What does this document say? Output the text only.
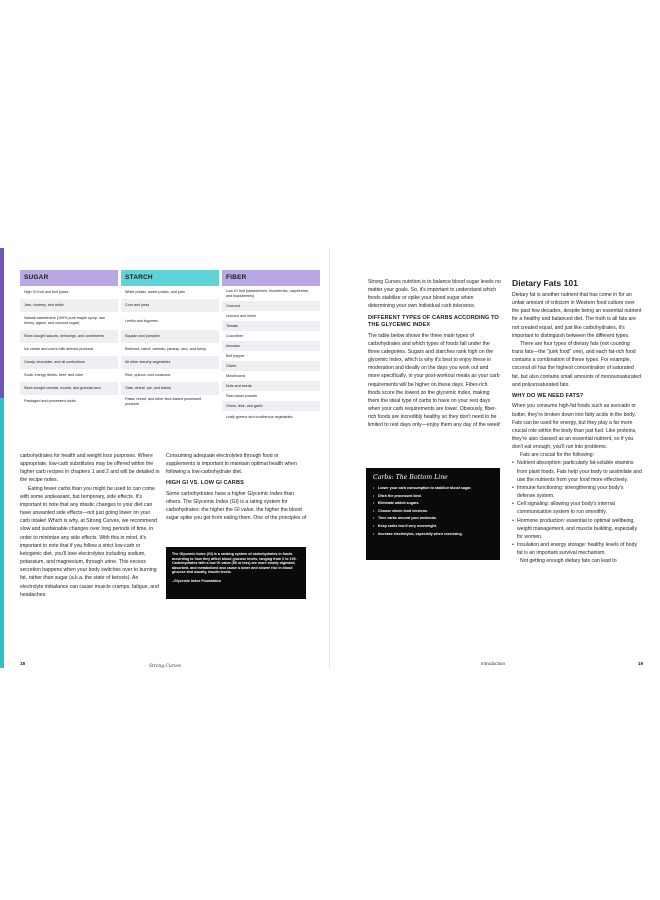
SUGAR
High GI fruit and fruit juices
Jam, chutney, and relish
Natural sweeteners (100% pure maple syrup, raw honey, agave, and coconut sugar)
Store-bought sauces, dressings, and condiments
Ice cream and cow's milk derived products
Candy, chocolate, and all confections
Soda, energy drinks, beer, and cider
Store-bought cereals, muesli, and granola bars
Packaged and processed carbs
STARCH
White potato, sweet potato, and yam
Corn and peas
Lentils and legumes
Squash and pumpkin
Beetroot, carrot, celeriac, parsnip, taro, and turnip
All other starchy vegetables
Rice, quinoa, and couscous
Oats, wheat, rye, and barley
Pasta, bread, and other flour-based processed products
FIBER
Low GI fruit (strawberries, blueberries, raspberries, and blackberries)
Coconut
Lemons and limes
Tomato
Cucumber
Avocado
Bell pepper
Olives
Mushrooms
Nuts and seeds
Raw cacao powder
Onion, leek, and garlic
Leafy greens and cruciferous vegetables

carbohydrates for health and weight loss purposes. Where appropriate, low-carb substitutes may be offered within the higher carb recipes in chapters 1 and 2 and will be detailed in the recipe notes.

Eating fewer carbs than you might be used to can come with some unpleasant, but temporary, side effects. It's important to note that any drastic changes to your diet can have unwanted side effects—not just going lower on your carb intake! Which is why, at Strong Curves, we recommend slow and sustainable changes over long periods of time, in order to minimize any side effects. With this in mind, it's important to note that if you follow a strict low-carb or ketogenic diet, you'll lose electrolytes including sodium, potassium, and magnesium, through urine. This excess secretion happens when your body switches over to burning fat, rather than sugar (a.k.a. the state of ketosis). An electrolyte imbalance can cause muscle cramps, fatigue, and headaches.

Consuming adequate electrolytes through food or supplements is important to maintain optimal health when following a low-carbohydrate diet.

HIGH GI VS. LOW GI CARBS

Some carbohydrates have a higher Glycemic Index than others. The Glycemic Index (GI) is a rating system for carbohydrates: the higher the GI value, the higher the blood sugar spike you get from eating them. One of the principles of

The Glycemic Index (GI) is a ranking system of carbohydrates in foods according to how they affect blood glucose levels, ranging from 0 to 100. Carbohydrates with a low GI value (55 or less) are more slowly digested, absorbed, and metabolized and cause a lower and slower rise in blood glucose and usually, insulin levels.
–Glycemic Index Foundation
18
Strong Curves

Strong Curves nutrition is to balance blood sugar levels no matter your goals. So, it's important to understand which foods stabilize or spike your blood sugar when determining your own individual carb tolerance.

DIFFERENT TYPES OF CARBS ACCORDING TO THE GLYCEMIC INDEX

The table below shows the three main types of carbohydrates and which types of foods fall under the three categories. Sugars and starches rank high on the glycemic index, which is why it's best to enjoy these in moderation and ideally on the days you work out and more specifically, in your post-workout meals as your carb requirements will be higher on these days. Fiber-rich foods score the lowest on the glycemic index, making them the ideal type of carbs to have on your rest days when your carb requirements are lower. Obviously, fiber-rich foods are incredibly healthy so they don't need to be limited to rest days only—enjoy them any day of the week!

Carbs: The Bottom Line
• Lower your carb consumption to stabilize blood sugar.
• Ditch the processed kind.
• Eliminate added sugars.
• Choose whole food versions.
• Time carbs around your workouts.
• Keep carbs low if very overweight.
• Increase electrolytes, especially when exercising.
Dietary Fats 101

Dietary fat is another nutrient that has come in for an unfair amount of criticism in Western food culture over the past few decades, despite being an essential nutrient for a healthy and balanced diet. The truth is all fats are not created equal, and just like carbohydrates, it's important to distinguish between the different types.

There are four types of dietary fats (not counting trans fats—the "junk food" one), and each fat-rich food contains a combination of these types. For example, coconut oil has the highest concentration of saturated fat, but also contains small amounts of monounsaturated and polyunsaturated fats.

WHY DO WE NEED FATS?

When you consume high-fat foods such as avocado or butter, they're broken down into fatty acids in the body. Fats can be used for energy, but they play a far more crucial role within the body than just fuel. Like proteins, they're also classed as an essential nutrient, so if you don't eat enough, you'll run into problems.

Fats are crucial for the following:

• Nutrient absorption: particularly fat-soluble vitamins from plant foods. Fats help your body to assimilate and use the nutrients from your food more effectively.
• Immune functioning: strengthening your body's defense system.
• Cell signaling: allowing your body's internal communication system to run smoothly.
• Hormone production: essential to optimal wellbeing, weight management, and muscle building, especially for women.
• Insulation and energy storage: healthy levels of body fat is an important survival mechanism.

Not getting enough dietary fats can lead to

Introduction	19
